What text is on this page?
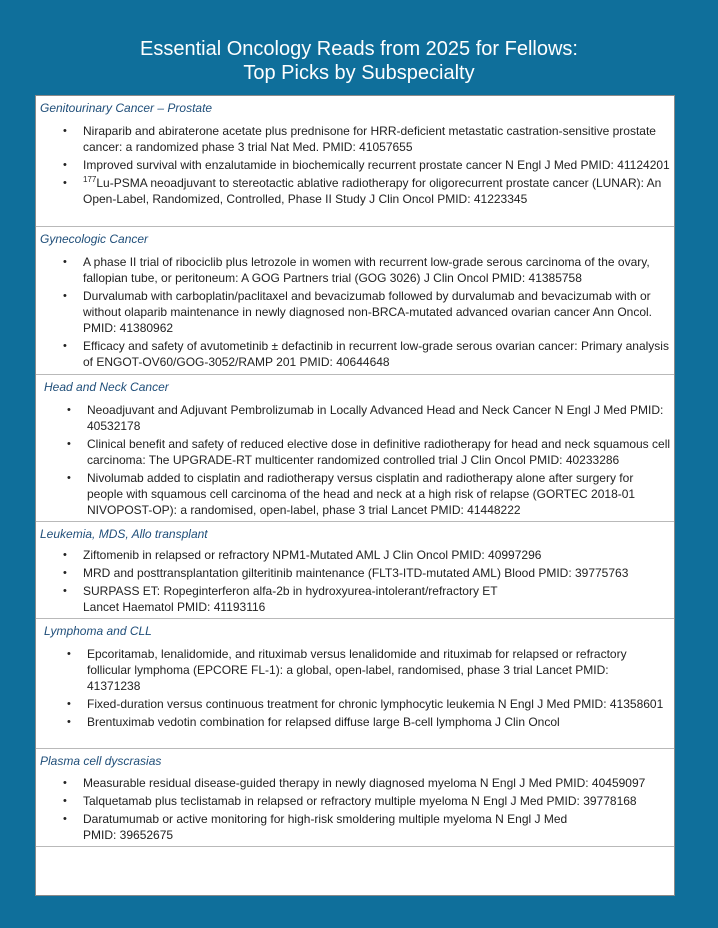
Essential Oncology Reads from 2025 for Fellows:
Top Picks by Subspecialty
Genitourinary Cancer – Prostate
• Niraparib and abiraterone acetate plus prednisone for HRR-deficient metastatic castration-sensitive prostate cancer: a randomized phase 3 trial Nat Med. PMID: 41057655
• Improved survival with enzalutamide in biochemically recurrent prostate cancer N Engl J Med PMID: 41124201
• $^{177}$Lu-PSMA neoadjuvant to stereotactic ablative radiotherapy for oligorecurrent prostate cancer (LUNAR): An Open-Label, Randomized, Controlled, Phase II Study J Clin Oncol PMID: 41223345
Gynecologic Cancer
• A phase II trial of ribociclib plus letrozole in women with recurrent low-grade serous carcinoma of the ovary, fallopian tube, or peritoneum: A GOG Partners trial (GOG 3026) J Clin Oncol PMID: 41385758
• Durvalumab with carboplatin/paclitaxel and bevacizumab followed by durvalumab and bevacizumab with or without olaparib maintenance in newly diagnosed non-BRCA-mutated advanced ovarian cancer Ann Oncol. PMID: 41380962
• Efficacy and safety of avutometinib ± defactinib in recurrent low-grade serous ovarian cancer: Primary analysis of ENGOT-OV60/GOG-3052/RAMP 201 PMID: 40644648
Head and Neck Cancer
• Neoadjuvant and Adjuvant Pembrolizumab in Locally Advanced Head and Neck Cancer N Engl J Med PMID: 40532178
• Clinical benefit and safety of reduced elective dose in definitive radiotherapy for head and neck squamous cell carcinoma: The UPGRADE-RT multicenter randomized controlled trial J Clin Oncol PMID: 40233286
• Nivolumab added to cisplatin and radiotherapy versus cisplatin and radiotherapy alone after surgery for people with squamous cell carcinoma of the head and neck at a high risk of relapse (GORTEC 2018-01 NIVOPOST-OP): a randomised, open-label, phase 3 trial Lancet PMID: 41448222
Leukemia, MDS, Allo transplant
• Ziftomenib in relapsed or refractory NPM1-Mutated AML J Clin Oncol PMID: 40997296
• MRD and posttransplantation gilteritinib maintenance (FLT3-ITD-mutated AML) Blood PMID: 39775763
• SURPASS ET: Ropeginterferon alfa-2b in hydroxyurea-intolerant/refractory ET Lancet Haematol PMID: 41193116
Lymphoma and CLL
• Epcoritamab, lenalidomide, and rituximab versus lenalidomide and rituximab for relapsed or refractory follicular lymphoma (EPCORE FL-1): a global, open-label, randomised, phase 3 trial Lancet PMID: 41371238
• Fixed-duration versus continuous treatment for chronic lymphocytic leukemia N Engl J Med PMID: 41358601
• Brentuximab vedotin combination for relapsed diffuse large B-cell lymphoma J Clin Oncol
Plasma cell dyscrasias
• Measurable residual disease-guided therapy in newly diagnosed myeloma N Engl J Med PMID: 40459097
• Talquetamab plus teclistamab in relapsed or refractory multiple myeloma N Engl J Med PMID: 39778168
• Daratumumab or active monitoring for high-risk smoldering multiple myeloma N Engl J Med PMID: 39652675
